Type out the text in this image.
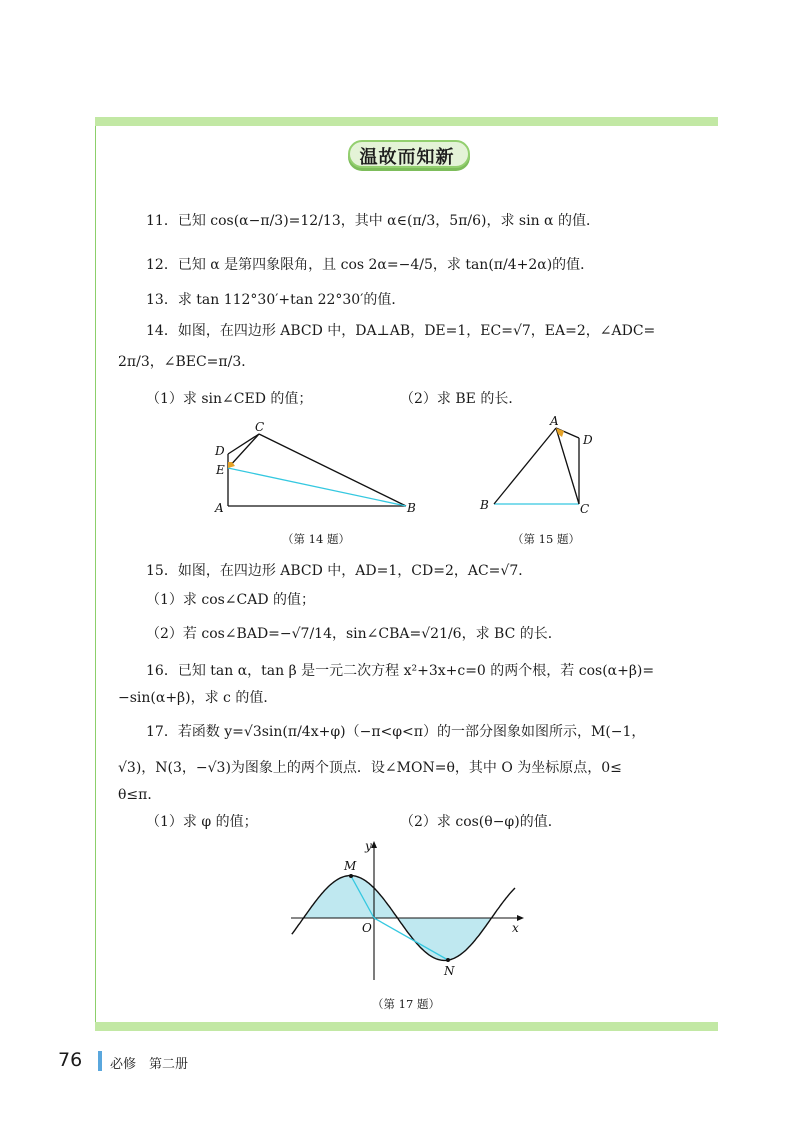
温故而知新
11．已知 cos(α−π/3)=12/13，其中 α∈(π/3，5π/6)，求 sin α 的值．
12．已知 α 是第四象限角，且 cos 2α=−4/5，求 tan(π/4+2α)的值．
13．求 tan 112°30′+tan 22°30′的值．
14．如图，在四边形 ABCD 中，DA⊥AB，DE=1，EC=√7，EA=2，∠ADC=
2π/3，∠BEC=π/3．
（1）求 sin∠CED 的值；	（2）求 BE 的长．
D
E
C
A	B
（第 14 题）
A
D
B	C
（第 15 题）
15．如图，在四边形 ABCD 中，AD=1，CD=2，AC=√7．
（1）求 cos∠CAD 的值；
（2）若 cos∠BAD=−√7/14，sin∠CBA=√21/6，求 BC 的长．
16．已知 tan α，tan β 是一元二次方程 x²+3x+c=0 的两个根，若 cos(α+β)=
−sin(α+β)，求 c 的值．
17．若函数 y=√3sin(π/4x+φ)（−π<φ<π）的一部分图象如图所示，M(−1，
√3)，N(3，−√3)为图象上的两个顶点．设∠MON=θ，其中 O 为坐标原点，0≤
θ≤π．
（1）求 φ 的值；	（2）求 cos(θ−φ)的值．
M
N
O	x
y
（第 17 题）
76 必修　第二册
